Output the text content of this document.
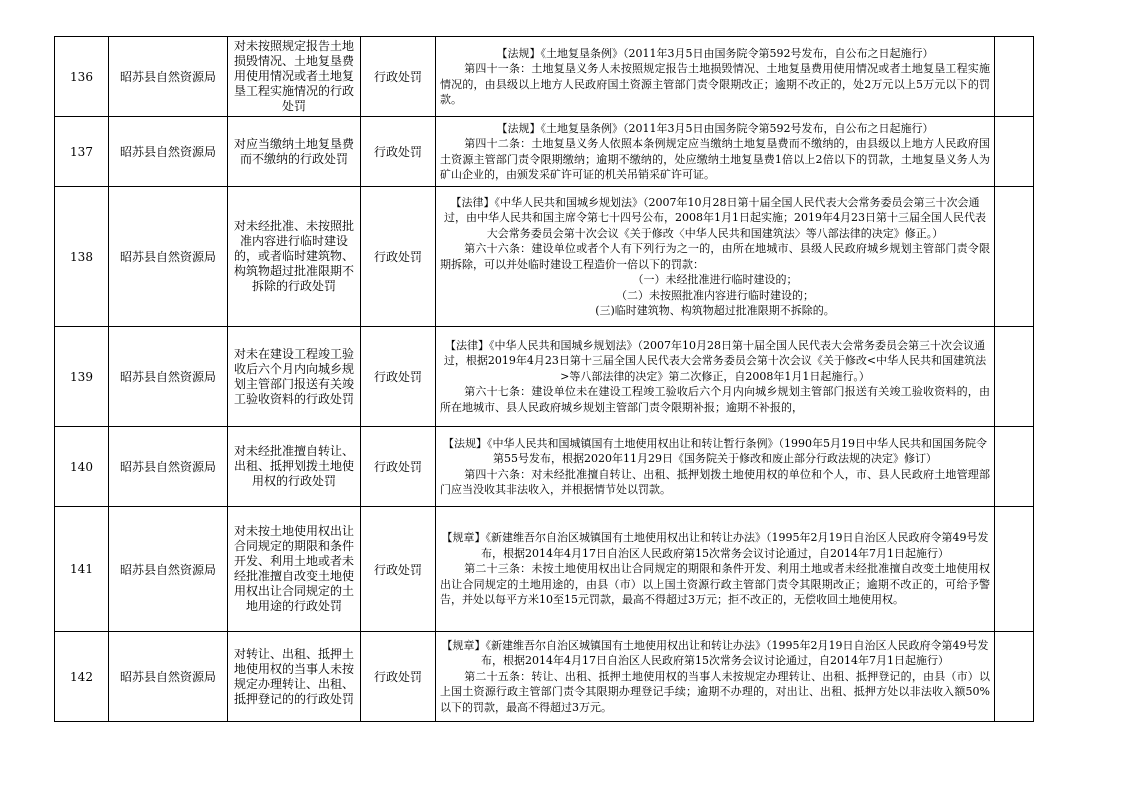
136	昭苏县自然资源局	对未按照规定报告土地损毁情况、土地复垦费用使用情况或者土地复垦工程实施情况的行政处罚	行政处罚	【法规】《土地复垦条例》（2011年3月5日由国务院令第592号发布，自公布之日起施行）
第四十一条：土地复垦义务人未按照规定报告土地损毁情况、土地复垦费用使用情况或者土地复垦工程实施情况的，由县级以上地方人民政府国土资源主管部门责令限期改正；逾期不改正的，处2万元以上5万元以下的罚款。	

137	昭苏县自然资源局	对应当缴纳土地复垦费而不缴纳的行政处罚	行政处罚	【法规】《土地复垦条例》（2011年3月5日由国务院令第592号发布，自公布之日起施行）
第四十二条：土地复垦义务人依照本条例规定应当缴纳土地复垦费而不缴纳的，由县级以上地方人民政府国土资源主管部门责令限期缴纳；逾期不缴纳的，处应缴纳土地复垦费1倍以上2倍以下的罚款，土地复垦义务人为矿山企业的，由颁发采矿许可证的机关吊销采矿许可证。	

138	昭苏县自然资源局	对未经批准、未按照批准内容进行临时建设的，或者临时建筑物、构筑物超过批准限期不拆除的行政处罚	行政处罚	【法律】《中华人民共和国城乡规划法》（2007年10月28日第十届全国人民代表大会常务委员会第三十次会通过，由中华人民共和国主席令第七十四号公布，2008年1月1日起实施；2019年4月23日第十三届全国人民代表大会常务委员会第十次会议《关于修改〈中华人民共和国建筑法〉等八部法律的决定》修正。）
第六十六条：建设单位或者个人有下列行为之一的，由所在地城市、县级人民政府城乡规划主管部门责令限期拆除，可以并处临时建设工程造价一倍以下的罚款：
（一）未经批准进行临时建设的；
（二）未按照批准内容进行临时建设的；
(三)临时建筑物、构筑物超过批准限期不拆除的。	

139	昭苏县自然资源局	对未在建设工程竣工验收后六个月内向城乡规划主管部门报送有关竣工验收资料的行政处罚	行政处罚	【法律】《中华人民共和国城乡规划法》（2007年10月28日第十届全国人民代表大会常务委员会第三十次会议通过，根据2019年4月23日第十三届全国人民代表大会常务委员会第十次会议《关于修改<中华人民共和国建筑法>等八部法律的决定》第二次修正，自2008年1月1日起施行。）
第六十七条：建设单位未在建设工程竣工验收后六个月内向城乡规划主管部门报送有关竣工验收资料的，由所在地城市、县人民政府城乡规划主管部门责令限期补报；逾期不补报的，	

140	昭苏县自然资源局	对未经批准擅自转让、出租、抵押划拨土地使用权的行政处罚	行政处罚	【法规】《中华人民共和国城镇国有土地使用权出让和转让暂行条例》（1990年5月19日中华人民共和国国务院令第55号发布，根据2020年11月29日《国务院关于修改和废止部分行政法规的决定》修订）
第四十六条：对未经批准擅自转让、出租、抵押划拨土地使用权的单位和个人，市、县人民政府土地管理部门应当没收其非法收入，并根据情节处以罚款。	

141	昭苏县自然资源局	对未按土地使用权出让合同规定的期限和条件开发、利用土地或者未经批准擅自改变土地使用权出让合同规定的土地用途的行政处罚	行政处罚	【规章】《新建维吾尔自治区城镇国有土地使用权出让和转让办法》（1995年2月19日自治区人民政府令第49号发布，根据2014年4月17日自治区人民政府第15次常务会议讨论通过，自2014年7月1日起施行）
第二十三条：未按土地使用权出让合同规定的期限和条件开发、利用土地或者未经批准擅自改变土地使用权出让合同规定的土地用途的，由县（市）以上国土资源行政主管部门责令其限期改正；逾期不改正的，可给予警告，并处以每平方米10至15元罚款，最高不得超过3万元；拒不改正的，无偿收回土地使用权。	

142	昭苏县自然资源局	对转让、出租、抵押土地使用权的当事人未按规定办理转让、出租、抵押登记的的行政处罚	行政处罚	【规章】《新建维吾尔自治区城镇国有土地使用权出让和转让办法》（1995年2月19日自治区人民政府令第49号发布，根据2014年4月17日自治区人民政府第15次常务会议讨论通过，自2014年7月1日起施行）
第二十五条：转让、出租、抵押土地使用权的当事人未按规定办理转让、出租、抵押登记的，由县（市）以上国土资源行政主管部门责令其限期办理登记手续；逾期不办理的，对出让、出租、抵押方处以非法收入额50%以下的罚款，最高不得超过3万元。	
